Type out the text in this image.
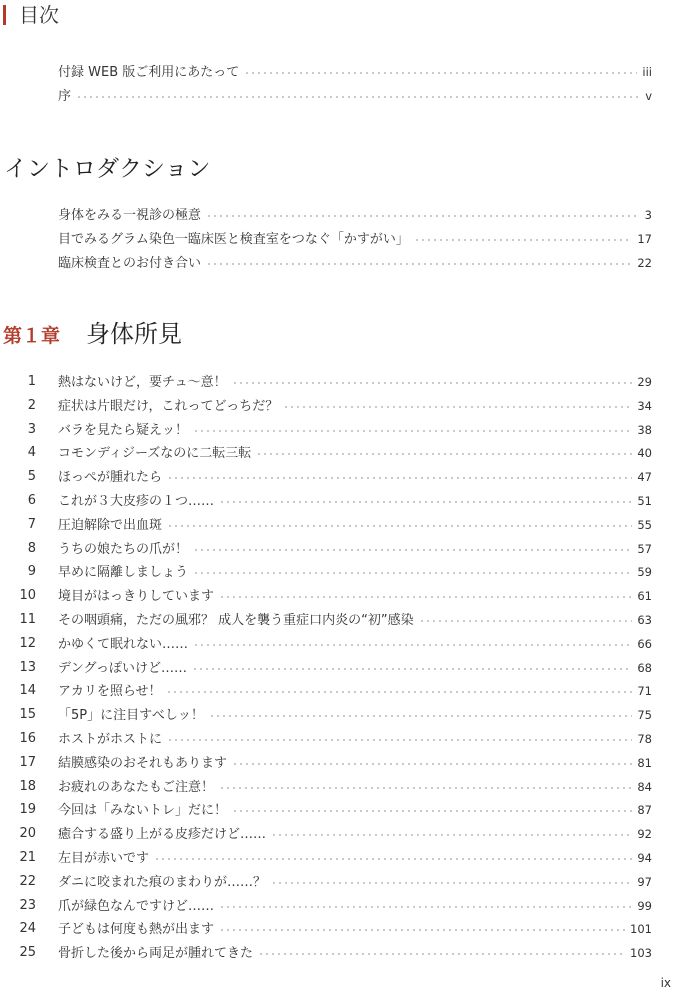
目次
付録 WEB 版ご利用にあたって	iii
序	v
イントロダクション
身体をみる一視診の極意	3
目でみるグラム染色一臨床医と検査室をつなぐ「かすがい」	17
臨床検査とのお付き合い	22
第１章 身体所見
1 熱はないけど，要チュ〜意！	29
2 症状は片眼だけ，これってどっちだ？	34
3 バラを見たら疑えッ！	38
4 コモンディジーズなのに二転三転	40
5 ほっぺが腫れたら	47
6 これが３大皮疹の１つ……	51
7 圧迫解除で出血斑	55
8 うちの娘たちの爪が！	57
9 早めに隔離しましょう	59
10 境目がはっきりしています	61
11 その咽頭痛，ただの風邪？ 成人を襲う重症口内炎の“初”感染	63
12 かゆくて眠れない……	66
13 デングっぽいけど……	68
14 アカリを照らせ！	71
15 「5P」に注目すべしッ！	75
16 ホストがホストに	78
17 結膜感染のおそれもあります	81
18 お疲れのあなたもご注意！	84
19 今回は「みないトレ」だに！	87
20 癒合する盛り上がる皮疹だけど……	92
21 左目が赤いです	94
22 ダニに咬まれた痕のまわりが……？	97
23 爪が緑色なんですけど……	99
24 子どもは何度も熱が出ます	101
25 骨折した後から両足が腫れてきた	103
ix
